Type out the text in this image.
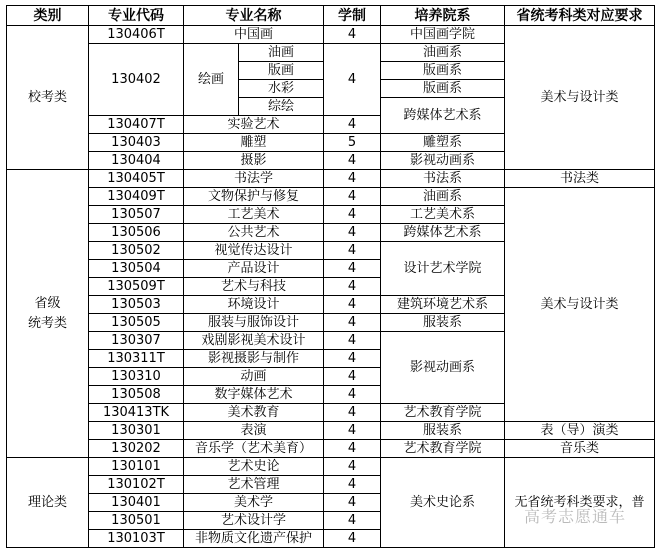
类别	专业代码	专业名称		学制	培养院系	省统考科类对应要求
校考类	130406T	中国画		4	中国画学院	美术与设计类
	130402	绘画	油画	4	油画系	
			版画		版画系	
			水彩		版画系	
			综绘		跨媒体艺术系	
	130407T	实验艺术		4		
	130403	雕塑		5	雕塑系	
	130404	摄影		4	影视动画系	
省级
统考类	130405T	书法学		4	书法系	书法类
	130409T	文物保护与修复		4	油画系	美术与设计类
	130507	工艺美术		4	工艺美术系	
	130506	公共艺术		4	跨媒体艺术系	
	130502	视觉传达设计		4	设计艺术学院	
	130504	产品设计		4		
	130509T	艺术与科技		4		
	130503	环境设计		4	建筑环境艺术系	
	130505	服装与服饰设计		4	服装系	
	130307	戏剧影视美术设计		4	影视动画系	
	130311T	影视摄影与制作		4		
	130310	动画		4		
	130508	数字媒体艺术		4		
	130413TK	美术教育		4	艺术教育学院	
	130301	表演		4	服装系	表（导）演类
	130202	音乐学（艺术美育）		4	艺术教育学院	音乐类
理论类	130101	艺术史论		4	美术史论系	无省统考科类要求，普
	130102T	艺术管理		4		
	130401	美术学		4		
	130501	艺术设计学		4		
	130103T	非物质文化遗产保护		4		
高考志愿通车
